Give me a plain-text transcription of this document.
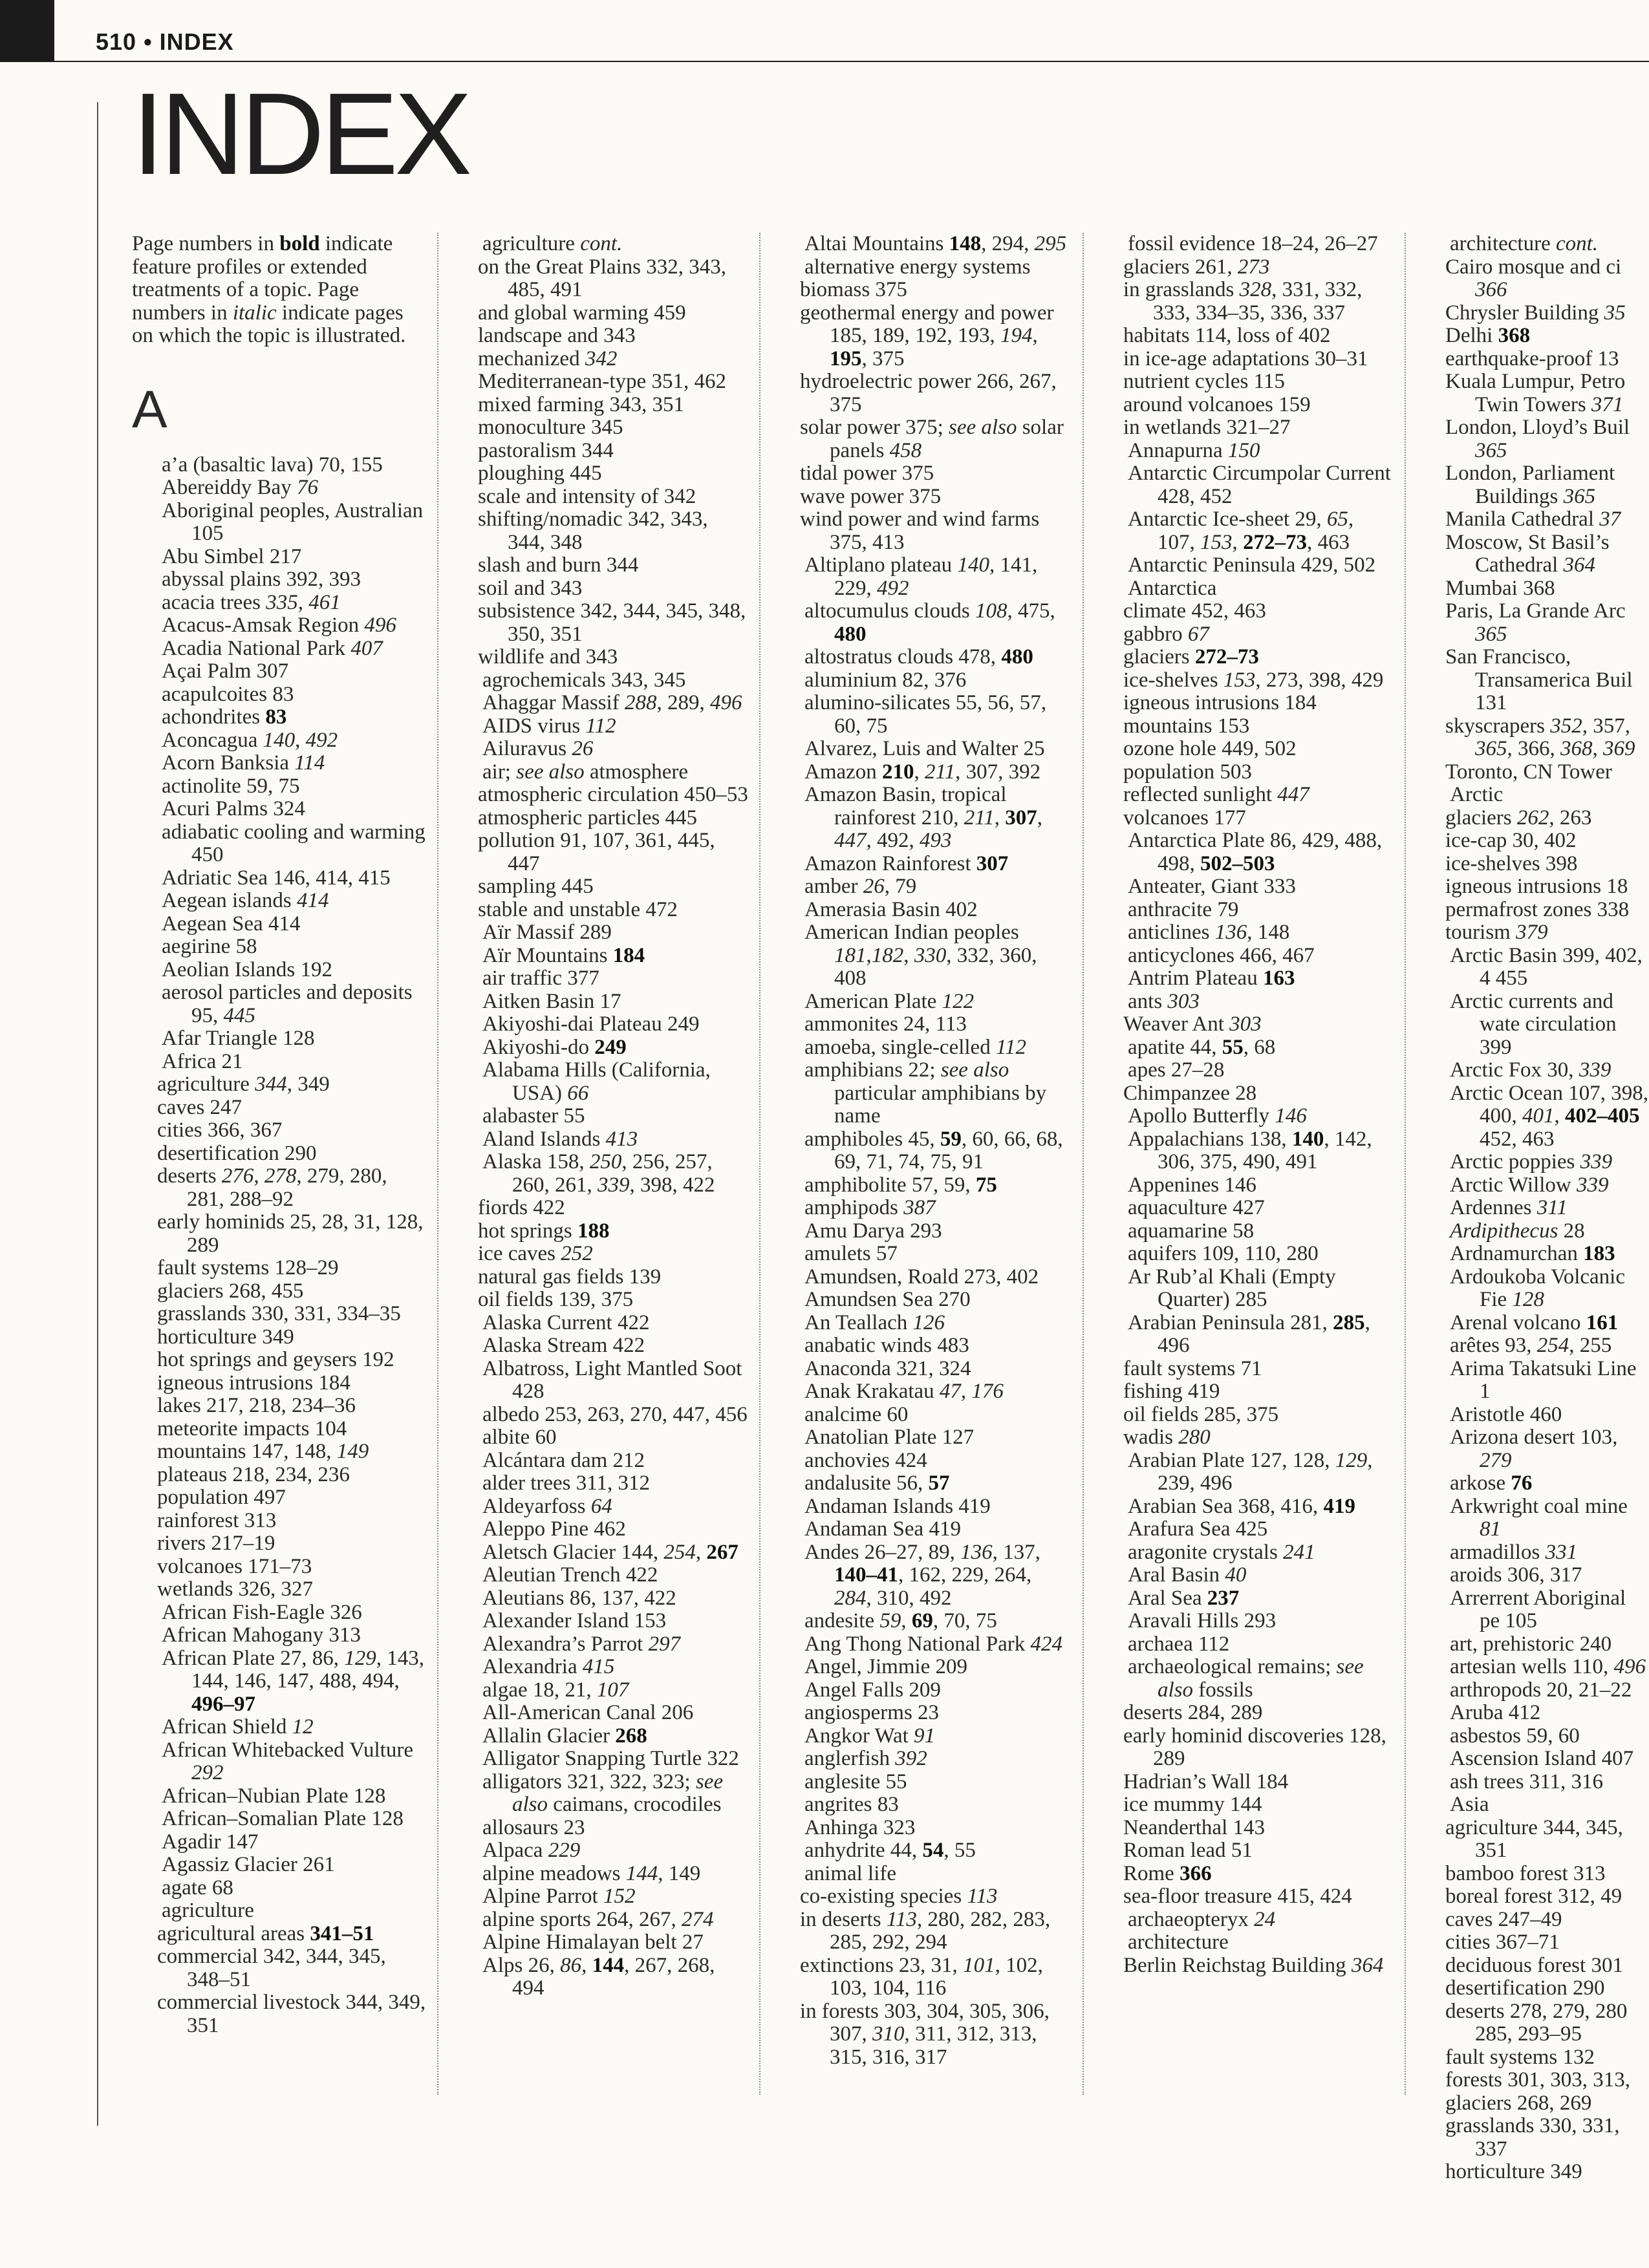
510 • INDEX
INDEX
Page numbers in bold indicate feature profiles or extended treatments of a topic. Page numbers in italic indicate pages on which the topic is illustrated.
A
a’a (basaltic lava) 70, 155
Abereiddy Bay 76
Aboriginal peoples, Australian 105
Abu Simbel 217
abyssal plains 392, 393
acacia trees 335, 461
Acacus-Amsak Region 496
Acadia National Park 407
Açai Palm 307
acapulcoites 83
achondrites 83
Aconcagua 140, 492
Acorn Banksia 114
actinolite 59, 75
Acuri Palms 324
adiabatic cooling and warming 450
Adriatic Sea 146, 414, 415
Aegean islands 414
Aegean Sea 414
aegirine 58
Aeolian Islands 192
aerosol particles and deposits 95, 445
Afar Triangle 128
Africa 21
agriculture 344, 349
caves 247
cities 366, 367
desertification 290
deserts 276, 278, 279, 280, 281, 288–92
early hominids 25, 28, 31, 128, 289
fault systems 128–29
glaciers 268, 455
grasslands 330, 331, 334–35
horticulture 349
hot springs and geysers 192
igneous intrusions 184
lakes 217, 218, 234–36
meteorite impacts 104
mountains 147, 148, 149
plateaus 218, 234, 236
population 497
rainforest 313
rivers 217–19
volcanoes 171–73
wetlands 326, 327
African Fish-Eagle 326
African Mahogany 313
African Plate 27, 86, 129, 143, 144, 146, 147, 488, 494, 496–97
African Shield 12
African Whitebacked Vulture 292
African–Nubian Plate 128
African–Somalian Plate 128
Agadir 147
Agassiz Glacier 261
agate 68
agriculture
agricultural areas 341–51
commercial 342, 344, 345, 348–51
commercial livestock 344, 349, 351
agriculture cont.
on the Great Plains 332, 343, 485, 491
and global warming 459
landscape and 343
mechanized 342
Mediterranean-type 351, 462
mixed farming 343, 351
monoculture 345
pastoralism 344
ploughing 445
scale and intensity of 342
shifting/nomadic 342, 343, 344, 348
slash and burn 344
soil and 343
subsistence 342, 344, 345, 348, 350, 351
wildlife and 343
agrochemicals 343, 345
Ahaggar Massif 288, 289, 496
AIDS virus 112
Ailuravus 26
air; see also atmosphere
atmospheric circulation 450–53
atmospheric particles 445
pollution 91, 107, 361, 445, 447
sampling 445
stable and unstable 472
Aïr Massif 289
Aïr Mountains 184
air traffic 377
Aitken Basin 17
Akiyoshi-dai Plateau 249
Akiyoshi-do 249
Alabama Hills (California, USA) 66
alabaster 55
Aland Islands 413
Alaska 158, 250, 256, 257, 260, 261, 339, 398, 422
fiords 422
hot springs 188
ice caves 252
natural gas fields 139
oil fields 139, 375
Alaska Current 422
Alaska Stream 422
Albatross, Light Mantled Soot 428
albedo 253, 263, 270, 447, 456
albite 60
Alcántara dam 212
alder trees 311, 312
Aldeyarfoss 64
Aleppo Pine 462
Aletsch Glacier 144, 254, 267
Aleutian Trench 422
Aleutians 86, 137, 422
Alexander Island 153
Alexandra’s Parrot 297
Alexandria 415
algae 18, 21, 107
All-American Canal 206
Allalin Glacier 268
Alligator Snapping Turtle 322
alligators 321, 322, 323; see also caimans, crocodiles
allosaurs 23
Alpaca 229
alpine meadows 144, 149
Alpine Parrot 152
alpine sports 264, 267, 274
Alpine Himalayan belt 27
Alps 26, 86, 144, 267, 268, 494
Altai Mountains 148, 294, 295
alternative energy systems
biomass 375
geothermal energy and power 185, 189, 192, 193, 194, 195, 375
hydroelectric power 266, 267, 375
solar power 375; see also solar panels 458
tidal power 375
wave power 375
wind power and wind farms 375, 413
Altiplano plateau 140, 141, 229, 492
altocumulus clouds 108, 475, 480
altostratus clouds 478, 480
aluminium 82, 376
alumino-silicates 55, 56, 57, 60, 75
Alvarez, Luis and Walter 25
Amazon 210, 211, 307, 392
Amazon Basin, tropical rainforest 210, 211, 307, 447, 492, 493
Amazon Rainforest 307
amber 26, 79
Amerasia Basin 402
American Indian peoples 181,182, 330, 332, 360, 408
American Plate 122
ammonites 24, 113
amoeba, single-celled 112
amphibians 22; see also particular amphibians by name
amphiboles 45, 59, 60, 66, 68, 69, 71, 74, 75, 91
amphibolite 57, 59, 75
amphipods 387
Amu Darya 293
amulets 57
Amundsen, Roald 273, 402
Amundsen Sea 270
An Teallach 126
anabatic winds 483
Anaconda 321, 324
Anak Krakatau 47, 176
analcime 60
Anatolian Plate 127
anchovies 424
andalusite 56, 57
Andaman Islands 419
Andaman Sea 419
Andes 26–27, 89, 136, 137, 140–41, 162, 229, 264, 284, 310, 492
andesite 59, 69, 70, 75
Ang Thong National Park 424
Angel, Jimmie 209
Angel Falls 209
angiosperms 23
Angkor Wat 91
anglerfish 392
anglesite 55
angrites 83
Anhinga 323
anhydrite 44, 54, 55
animal life
co-existing species 113
in deserts 113, 280, 282, 283, 285, 292, 294
extinctions 23, 31, 101, 102, 103, 104, 116
in forests 303, 304, 305, 306, 307, 310, 311, 312, 313, 315, 316, 317
fossil evidence 18–24, 26–27
glaciers 261, 273
in grasslands 328, 331, 332, 333, 334–35, 336, 337
habitats 114, loss of 402
in ice-age adaptations 30–31
nutrient cycles 115
around volcanoes 159
in wetlands 321–27
Annapurna 150
Antarctic Circumpolar Current 428, 452
Antarctic Ice-sheet 29, 65, 107, 153, 272–73, 463
Antarctic Peninsula 429, 502
Antarctica
climate 452, 463
gabbro 67
glaciers 272–73
ice-shelves 153, 273, 398, 429
igneous intrusions 184
mountains 153
ozone hole 449, 502
population 503
reflected sunlight 447
volcanoes 177
Antarctica Plate 86, 429, 488, 498, 502–503
Anteater, Giant 333
anthracite 79
anticlines 136, 148
anticyclones 466, 467
Antrim Plateau 163
ants 303
Weaver Ant 303
apatite 44, 55, 68
apes 27–28
Chimpanzee 28
Apollo Butterfly 146
Appalachians 138, 140, 142, 306, 375, 490, 491
Appenines 146
aquaculture 427
aquamarine 58
aquifers 109, 110, 280
Ar Rub’al Khali (Empty Quarter) 285
Arabian Peninsula 281, 285, 496
fault systems 71
fishing 419
oil fields 285, 375
wadis 280
Arabian Plate 127, 128, 129, 239, 496
Arabian Sea 368, 416, 419
Arafura Sea 425
aragonite crystals 241
Aral Basin 40
Aral Sea 237
Aravali Hills 293
archaea 112
archaeological remains; see also fossils
deserts 284, 289
early hominid discoveries 128, 289
Hadrian’s Wall 184
ice mummy 144
Neanderthal 143
Roman lead 51
Rome 366
sea-floor treasure 415, 424
archaeopteryx 24
architecture
Berlin Reichstag Building 364
architecture cont.
Cairo mosque and ci 366
Chrysler Building 35
Delhi 368
earthquake-proof 13
Kuala Lumpur, Petro Twin Towers 371
London, Lloyd’s Buil 365
London, Parliament Buildings 365
Manila Cathedral 37
Moscow, St Basil’s Cathedral 364
Mumbai 368
Paris, La Grande Arc 365
San Francisco, Transamerica Buil 131
skyscrapers 352, 357, 365, 366, 368, 369
Toronto, CN Tower
Arctic
glaciers 262, 263
ice-cap 30, 402
ice-shelves 398
igneous intrusions 18
permafrost zones 338
tourism 379
Arctic Basin 399, 402, 4 455
Arctic currents and wate circulation 399
Arctic Fox 30, 339
Arctic Ocean 107, 398, 400, 401, 402–405 452, 463
Arctic poppies 339
Arctic Willow 339
Ardennes 311
Ardipithecus 28
Ardnamurchan 183
Ardoukoba Volcanic Fie 128
Arenal volcano 161
arêtes 93, 254, 255
Arima Takatsuki Line 1
Aristotle 460
Arizona desert 103, 279
arkose 76
Arkwright coal mine 81
armadillos 331
aroids 306, 317
Arrerrent Aboriginal pe 105
art, prehistoric 240
artesian wells 110, 496
arthropods 20, 21–22
Aruba 412
asbestos 59, 60
Ascension Island 407
ash trees 311, 316
Asia
agriculture 344, 345, 351
bamboo forest 313
boreal forest 312, 49
caves 247–49
cities 367–71
deciduous forest 301
desertification 290
deserts 278, 279, 280 285, 293–95
fault systems 132
forests 301, 303, 313,
glaciers 268, 269
grasslands 330, 331, 337
horticulture 349
